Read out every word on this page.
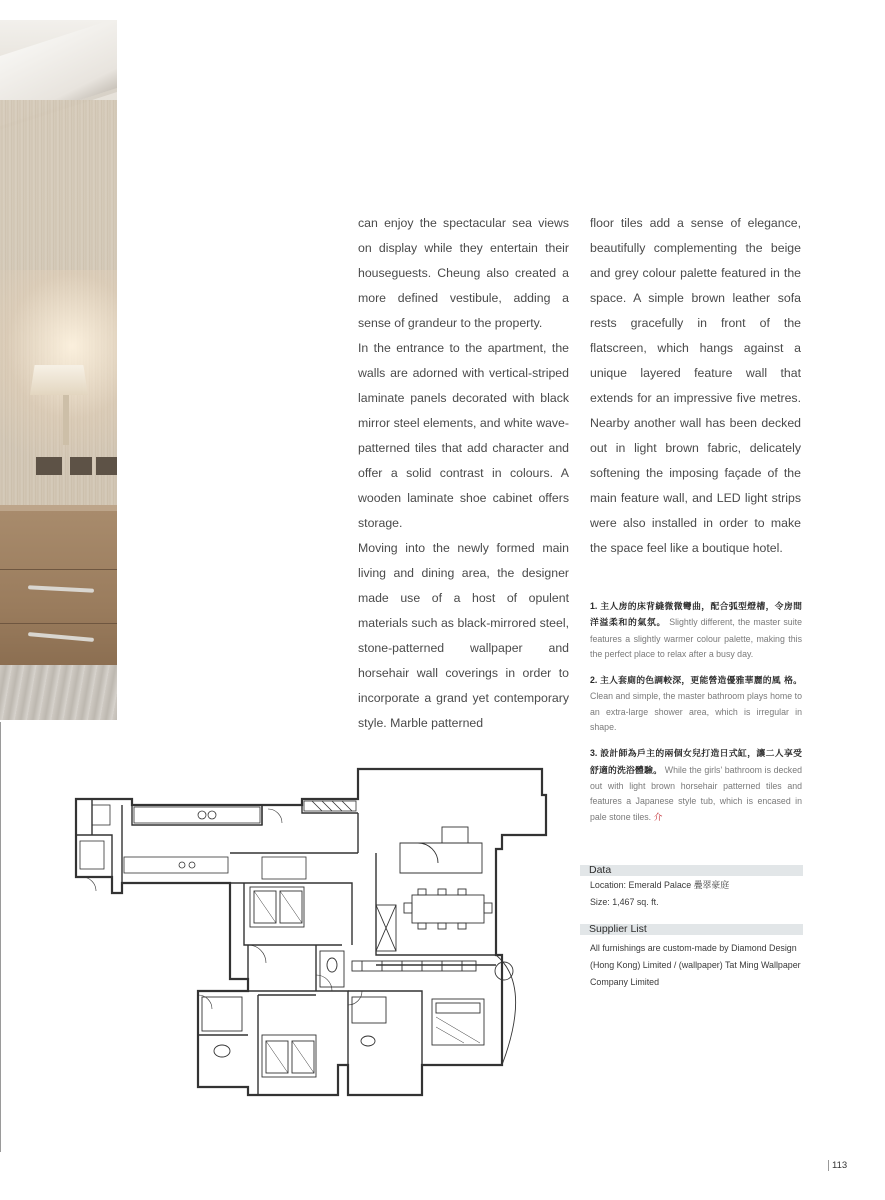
can enjoy the spectacular sea views on display while they entertain their houseguests. Cheung also created a more defined vestibule, adding a sense of grandeur to the property.

In the entrance to the apartment, the walls are adorned with vertical-striped laminate panels decorated with black mirror steel elements, and white wave-patterned tiles that add character and offer a solid contrast in colours. A wooden laminate shoe cabinet offers storage.

Moving into the newly formed main living and dining area, the designer made use of a host of opulent materials such as black-mirrored steel, stone-patterned wallpaper and horsehair wall coverings in order to incorporate a grand yet contemporary style. Marble patterned

floor tiles add a sense of elegance, beautifully complementing the beige and grey colour palette featured in the space. A simple brown leather sofa rests gracefully in front of the flatscreen, which hangs against a unique layered feature wall that extends for an impressive five metres. Nearby another wall has been decked out in light brown fabric, delicately softening the imposing façade of the main feature wall, and LED light strips were also installed in order to make the space feel like a boutique hotel.

1. 主人房的床背縫微微彎曲，配合弧型燈槽，令房間洋溢柔和的氣氛。 Slightly different, the master suite features a slightly warmer colour palette, making this the perfect place to relax after a busy day.

2. 主人套廁的色調較深，更能營造優雅華麗的風 格。 Clean and simple, the master bathroom plays home to an extra-large shower area, which is irregular in shape.

3. 設計師為戶主的兩個女兒打造日式缸，讓二人享受舒適的洗浴體驗。 While the girls' bathroom is decked out with light brown horsehair patterned tiles and features a Japanese style tub, which is encased in pale stone tiles. 介

Data
Location: Emerald Palace 疊翠豪庭
Size: 1,467 sq. ft.
Supplier List
All furnishings are custom-made by Diamond Design (Hong Kong) Limited / (wallpaper) Tat Ming Wallpaper Company Limited
113
